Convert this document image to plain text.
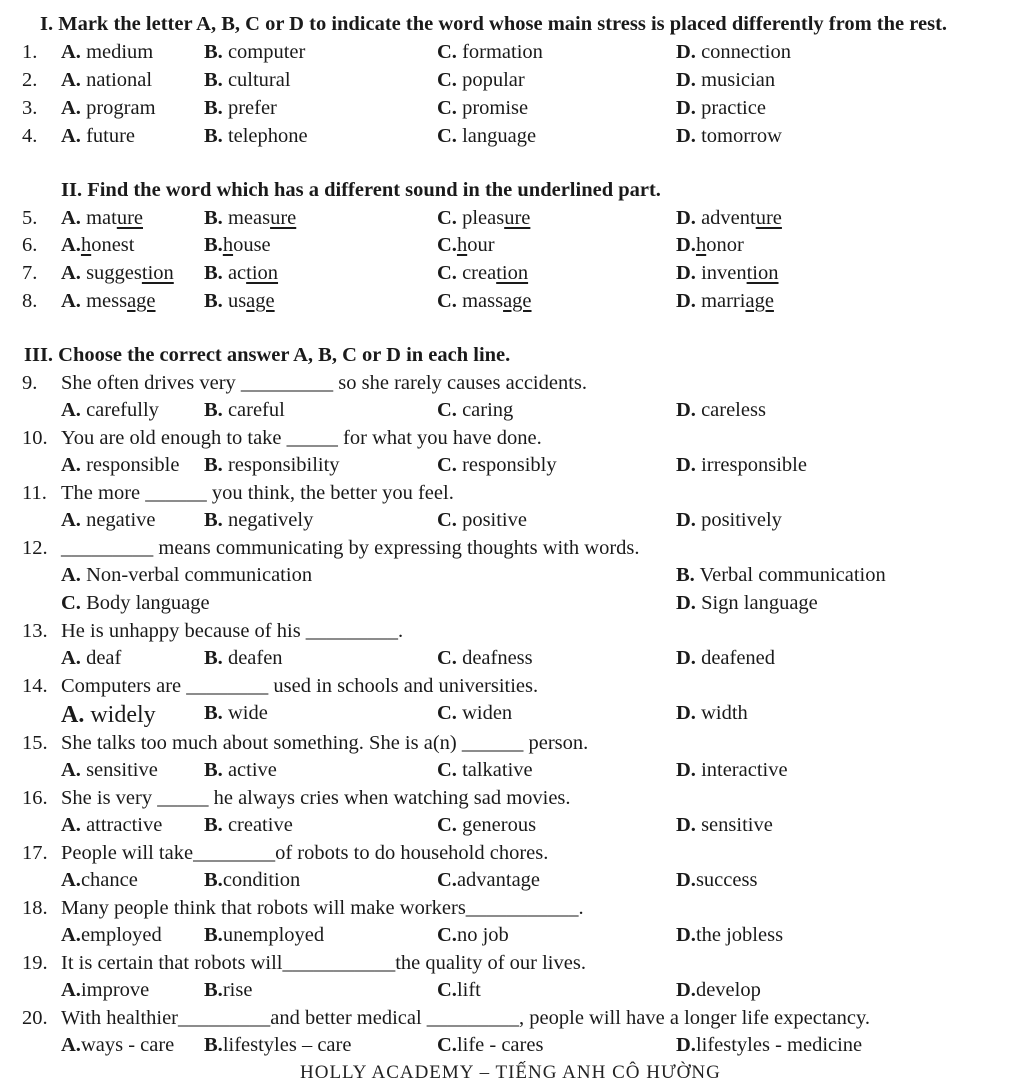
I. Mark the letter A, B, C or D to indicate the word whose main stress is placed differently from the rest.
1. A. medium B. computer	C. formation	D. connection
2. A. national	B. cultural	C. popular	D. musician
3. A. program B. prefer	C. promise	D. practice
4. A. future	B. telephone	C. language	D. tomorrow
II. Find the word which has a different sound in the underlined part.
5. A. mature	B. measure	C. pleasure	D. adventure
6. A.honest	B.house	C.hour	D.honor
7. A. suggestion B. action	C. creation	D. invention
8. A. message B. usage	C. massage	D. marriage
III. Choose the correct answer A, B, C or D in each line.
9. She often drives very _________ so she rarely causes accidents.
A. carefully B. careful	C. caring	D. careless
10. You are old enough to take _____ for what you have done.
A. responsible B. responsibility	C. responsibly	D. irresponsible
11. The more ______ you think, the better you feel.
A. negative B. negatively	C. positive	D. positively
12. _________ means communicating by expressing thoughts with words.
A. Non-verbal communication	B. Verbal communication
C. Body language	D. Sign language
13. He is unhappy because of his _________.
A. deaf	B. deafen	C. deafness	D. deafened
14. Computers are ________ used in schools and universities.
A. widely B. wide	C. widen	D. width
15. She talks too much about something. She is a(n) ______ person.
A. sensitive B. active	C. talkative	D. interactive
16. She is very _____ he always cries when watching sad movies.
A. attractive B. creative	C. generous	D. sensitive
17. People will take________of robots to do household chores.
A.chance	B.condition	C.advantage	D.success
18. Many people think that robots will make workers___________.
A.employed B.unemployed	C.no job	D.the jobless
19. It is certain that robots will___________the quality of our lives.
A.improve	B.rise	C.lift	D.develop
20. With healthier_________and better medical _________, people will have a longer life expectancy.
A.ways - care B.lifestyles – care	C.life - cares	D.lifestyles - medicine
HOLLY ACADEMY – TIẾNG ANH CÔ HƯỜNG
